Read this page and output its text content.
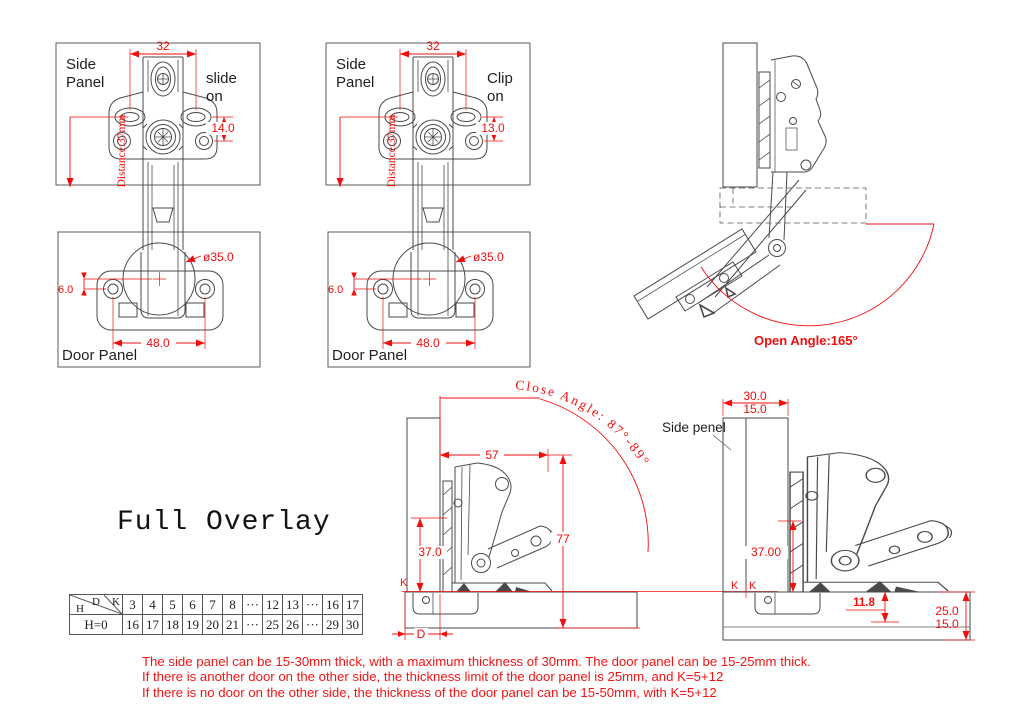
Side
Panel	slide
on
Door Panel
32
14.0
Distance:37mm
ø35.0
6.0
48.0
Side
Panel	Clip
on
Door Panel
32
13.0
Distance:37mm
ø35.0
6.0
48.0	Open Angle:165°
Close Angle: 87°-89°
57
77
37.0
K
D
Side penel
30.0
15.0
37.00
K K
11.8
25.0
15.0
Full Overlay
H
D K	3	4	5	6	7	8	···	12	13	···	16	17
H=0	16	17	18	19	20	21	···	25	26	···	29	30
The side panel can be 15-30mm thick, with a maximum thickness of 30mm. The door panel can be 15-25mm thick.
If there is another door on the other side, the thickness limit of the door panel is 25mm, and K=5+12
If there is no door on the other side, the thickness of the door panel can be 15-50mm, with K=5+12
